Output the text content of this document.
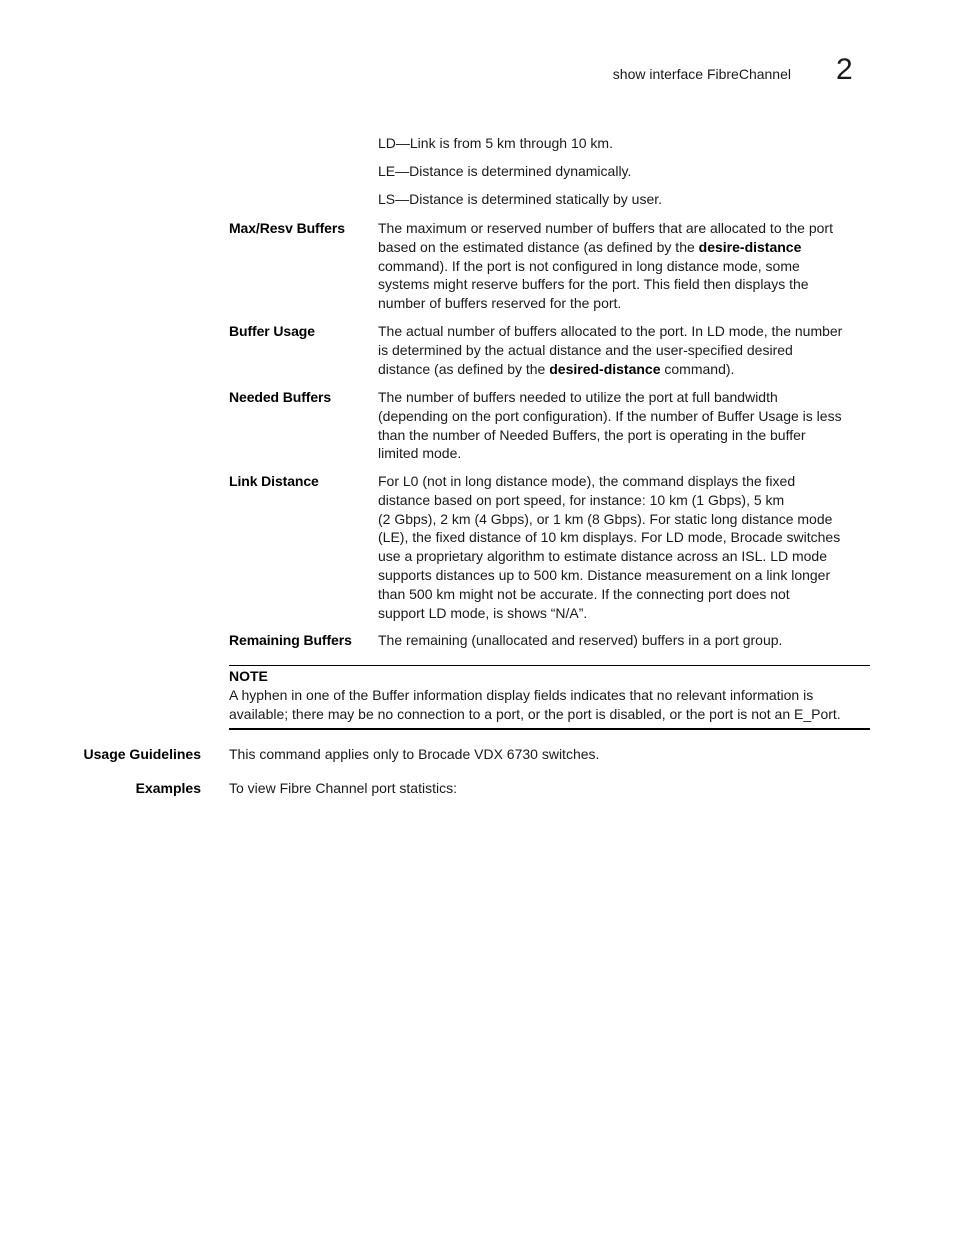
show interface FibreChannel 2
LD—Link is from 5 km through 10 km.
LE—Distance is determined dynamically.
LS—Distance is determined statically by user.
Max/Resv Buffers	The maximum or reserved number of buffers that are allocated to the port
based on the estimated distance (as defined by the desire-distance
command). If the port is not configured in long distance mode, some
systems might reserve buffers for the port. This field then displays the
number of buffers reserved for the port.
Buffer Usage	The actual number of buffers allocated to the port. In LD mode, the number
is determined by the actual distance and the user-specified desired
distance (as defined by the desired-distance command).
Needed Buffers	The number of buffers needed to utilize the port at full bandwidth
(depending on the port configuration). If the number of Buffer Usage is less
than the number of Needed Buffers, the port is operating in the buffer
limited mode.
Link Distance	For L0 (not in long distance mode), the command displays the fixed
distance based on port speed, for instance: 10 km (1 Gbps), 5 km
(2 Gbps), 2 km (4 Gbps), or 1 km (8 Gbps). For static long distance mode
(LE), the fixed distance of 10 km displays. For LD mode, Brocade switches
use a proprietary algorithm to estimate distance across an ISL. LD mode
supports distances up to 500 km. Distance measurement on a link longer
than 500 km might not be accurate. If the connecting port does not
support LD mode, is shows “N/A”.
Remaining Buffers	The remaining (unallocated and reserved) buffers in a port group.
NOTE
A hyphen in one of the Buffer information display fields indicates that no relevant information is
available; there may be no connection to a port, or the port is disabled, or the port is not an E_Port.
Usage Guidelines This command applies only to Brocade VDX 6730 switches.
Examples To view Fibre Channel port statistics:
